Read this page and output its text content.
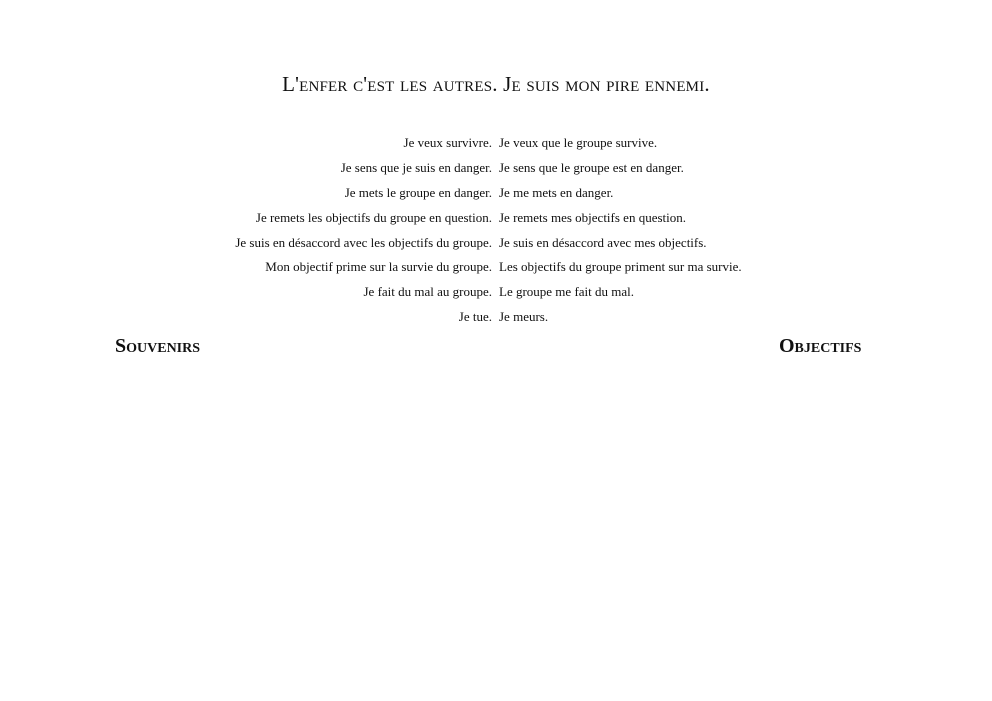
L'enfer c'est les autres. Je suis mon pire ennemi.
Je veux survivre. Je veux que le groupe survive.
Je sens que je suis en danger. Je sens que le groupe est en danger.
Je mets le groupe en danger. Je me mets en danger.
Je remets les objectifs du groupe en question. Je remets mes objectifs en question.
Je suis en désaccord avec les objectifs du groupe. Je suis en désaccord avec mes objectifs.
Mon objectif prime sur la survie du groupe. Les objectifs du groupe priment sur ma survie.
Je fait du mal au groupe. Le groupe me fait du mal.
Je tue. Je meurs.
Souvenirs	Objectifs
